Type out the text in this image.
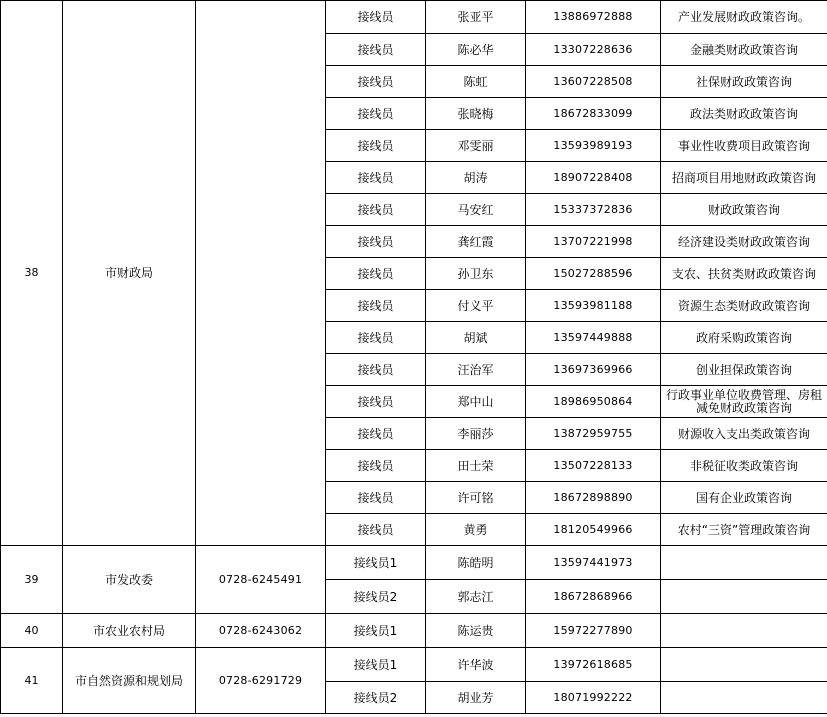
38	市财政局		接线员	张亚平	13886972888	产业发展财政政策咨询。
			接线员	陈必华	13307228636	金融类财政政策咨询
			接线员	陈虹	13607228508	社保财政政策咨询
			接线员	张晓梅	18672833099	政法类财政政策咨询
			接线员	邓雯丽	13593989193	事业性收费项目政策咨询
			接线员	胡涛	18907228408	招商项目用地财政政策咨询
			接线员	马安红	15337372836	财政政策咨询
			接线员	龚红霞	13707221998	经济建设类财政政策咨询
			接线员	孙卫东	15027288596	支农、扶贫类财政政策咨询
			接线员	付义平	13593981188	资源生态类财政政策咨询
			接线员	胡斌	13597449888	政府采购政策咨询
			接线员	汪治军	13697369966	创业担保政策咨询
			接线员	郑中山	18986950864	行政事业单位收费管理、房租减免财政政策咨询
			接线员	李丽莎	13872959755	财源收入支出类政策咨询
			接线员	田士荣	13507228133	非税征收类政策咨询
			接线员	许可铭	18672898890	国有企业政策咨询
			接线员	黄勇	18120549966	农村“三资”管理政策咨询
39	市发改委	0728-6245491	接线员1	陈皓明	13597441973	
			接线员2	郭志江	18672868966	
40	市农业农村局	0728-6243062	接线员1	陈运贵	15972277890	
41	市自然资源和规划局	0728-6291729	接线员1	许华波	13972618685	
			接线员2	胡业芳	18071992222	
